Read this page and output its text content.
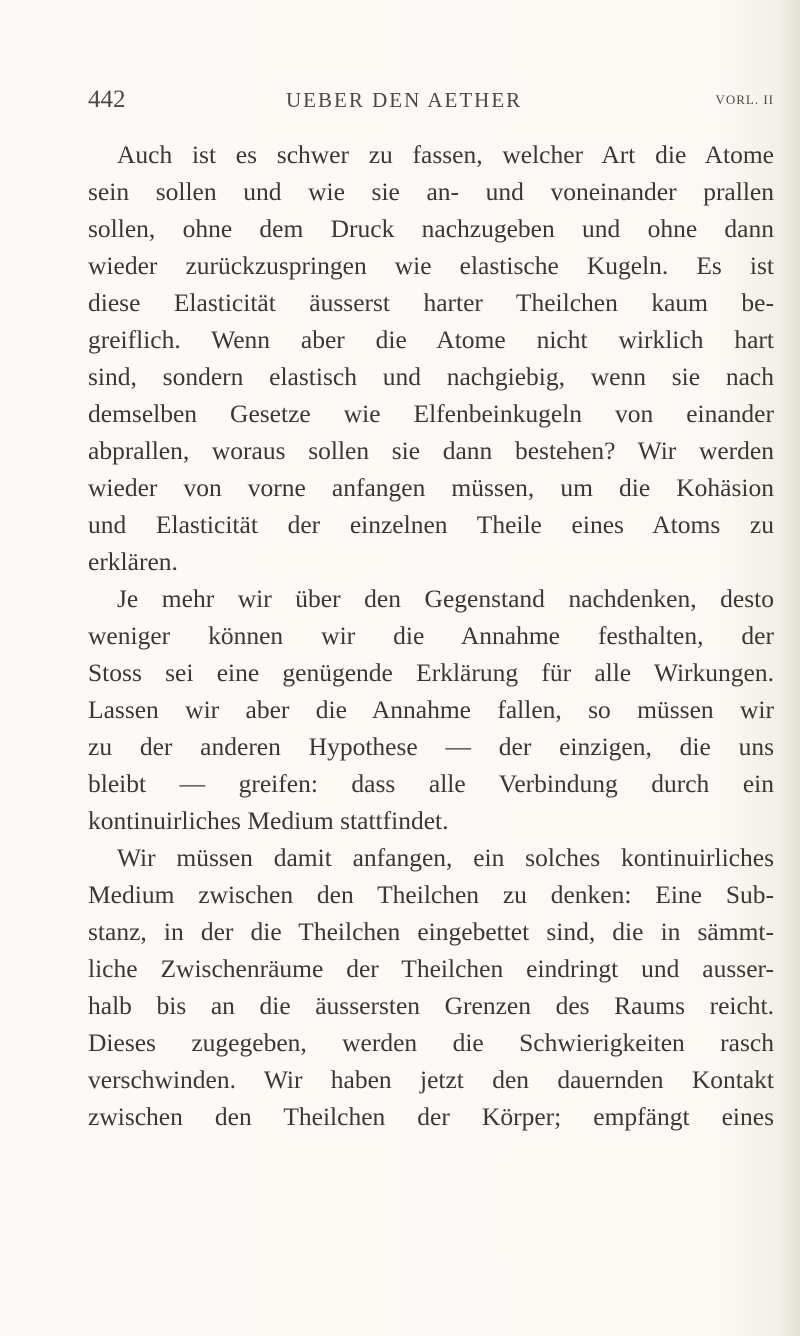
442	UEBER DEN AETHER	VORL. II
Auch ist es schwer zu fassen, welcher Art die Atome
sein sollen und wie sie an- und voneinander prallen
sollen, ohne dem Druck nachzugeben und ohne dann
wieder zurückzuspringen wie elastische Kugeln. Es ist
diese Elasticität äusserst harter Theilchen kaum be-
greiflich. Wenn aber die Atome nicht wirklich hart
sind, sondern elastisch und nachgiebig, wenn sie nach
demselben Gesetze wie Elfenbeinkugeln von einander
abprallen, woraus sollen sie dann bestehen? Wir werden
wieder von vorne anfangen müssen, um die Kohäsion
und Elasticität der einzelnen Theile eines Atoms zu
erklären.
Je mehr wir über den Gegenstand nachdenken, desto
weniger können wir die Annahme festhalten, der
Stoss sei eine genügende Erklärung für alle Wirkungen.
Lassen wir aber die Annahme fallen, so müssen wir
zu der anderen Hypothese — der einzigen, die uns
bleibt — greifen: dass alle Verbindung durch ein
kontinuirliches Medium stattfindet.
Wir müssen damit anfangen, ein solches kontinuirliches
Medium zwischen den Theilchen zu denken: Eine Sub-
stanz, in der die Theilchen eingebettet sind, die in sämmt-
liche Zwischenräume der Theilchen eindringt und ausser-
halb bis an die äussersten Grenzen des Raums reicht.
Dieses zugegeben, werden die Schwierigkeiten rasch
verschwinden. Wir haben jetzt den dauernden Kontakt
zwischen den Theilchen der Körper; empfängt eines
